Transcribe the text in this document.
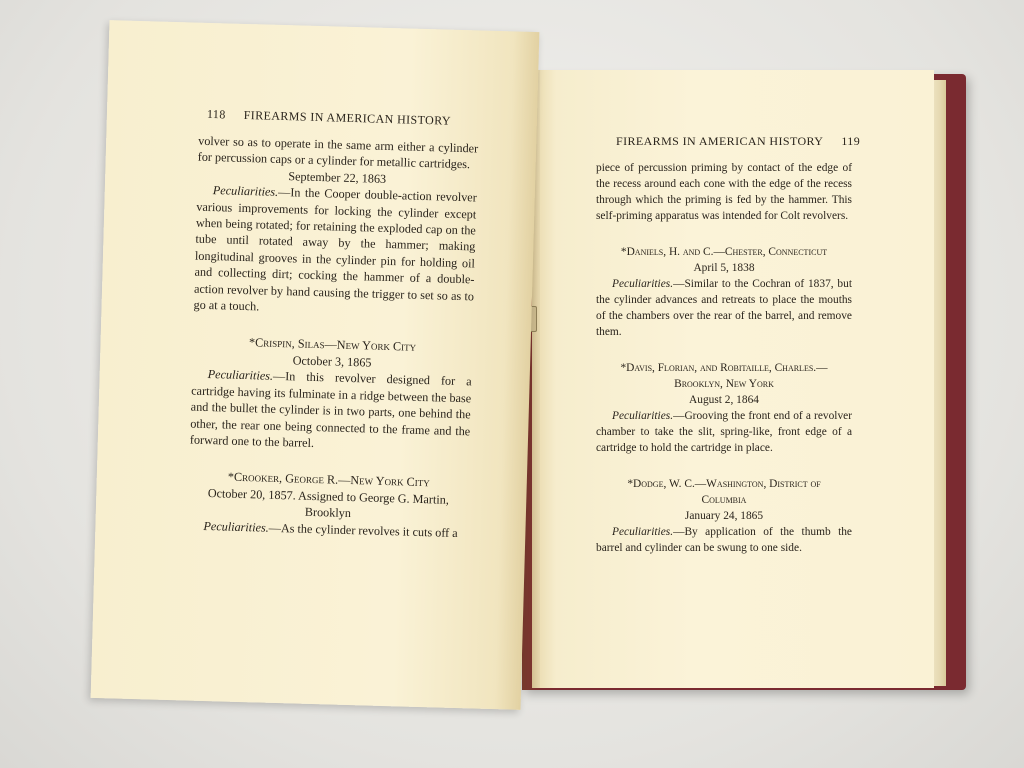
FIREARMS IN AMERICAN HISTORY 119

piece of percussion priming by contact of the edge of the recess around each cone with the edge of the recess through which the priming is fed by the hammer. This self-priming apparatus was intended for Colt revolvers.

*Daniels, H. and C.—Chester, Connecticut

April 5, 1838

Peculiarities.—Similar to the Cochran of 1837, but the cylinder advances and retreats to place the mouths of the chambers over the rear of the barrel, and remove them.

*Davis, Florian, and Robitaille, Charles.—

Brooklyn, New York

August 2, 1864

Peculiarities.—Grooving the front end of a revolver chamber to take the slit, spring-like, front edge of a cartridge to hold the cartridge in place.

*Dodge, W. C.—Washington, District of

Columbia

January 24, 1865

Peculiarities.—By application of the thumb the barrel and cylinder can be swung to one side.

118 FIREARMS IN AMERICAN HISTORY

volver so as to operate in the same arm either a cylinder for percussion caps or a cylinder for metallic cartridges.

September 22, 1863

Peculiarities.—In the Cooper double-action revolver various improvements for locking the cylinder except when being rotated; for retaining the exploded cap on the tube until rotated away by the hammer; making longitudinal grooves in the cylinder pin for holding oil and collecting dirt; cocking the hammer of a double-action revolver by hand causing the trigger to set so as to go at a touch.

*Crispin, Silas—New York City

October 3, 1865

Peculiarities.—In this revolver designed for a cartridge having its fulminate in a ridge between the base and the bullet the cylinder is in two parts, one behind the other, the rear one being connected to the frame and the forward one to the barrel.

*Crooker, George R.—New York City

October 20, 1857. Assigned to George G. Martin, Brooklyn

Peculiarities.—As the cylinder revolves it cuts off a
